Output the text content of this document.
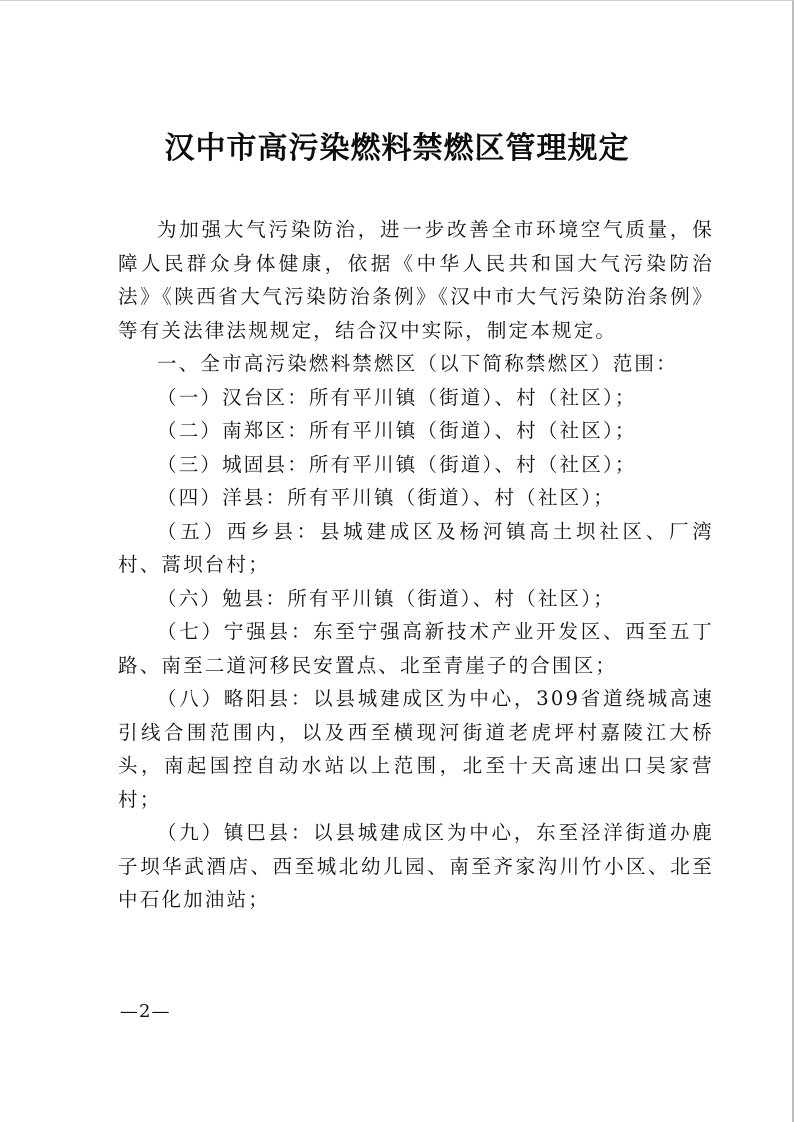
汉中市高污染燃料禁燃区管理规定

为加强大气污染防治，进一步改善全市环境空气质量，保障人民群众身体健康，依据《中华人民共和国大气污染防治法》《陕西省大气污染防治条例》《汉中市大气污染防治条例》等有关法律法规规定，结合汉中实际，制定本规定。

一、全市高污染燃料禁燃区（以下简称禁燃区）范围：

（一）汉台区：所有平川镇（街道）、村（社区）；

（二）南郑区：所有平川镇（街道）、村（社区）；

（三）城固县：所有平川镇（街道）、村（社区）；

（四）洋县：所有平川镇（街道）、村（社区）；

（五）西乡县：县城建成区及杨河镇高土坝社区、厂湾村、蒿坝台村；

（六）勉县：所有平川镇（街道）、村（社区）；

（七）宁强县：东至宁强高新技术产业开发区、西至五丁路、南至二道河移民安置点、北至青崖子的合围区；

（八）略阳县：以县城建成区为中心，309省道绕城高速引线合围范围内，以及西至横现河街道老虎坪村嘉陵江大桥头，南起国控自动水站以上范围，北至十天高速出口吴家营村；

（九）镇巴县：以县城建成区为中心，东至泾洋街道办鹿子坝华武酒店、西至城北幼儿园、南至齐家沟川竹小区、北至中石化加油站；

—2—
